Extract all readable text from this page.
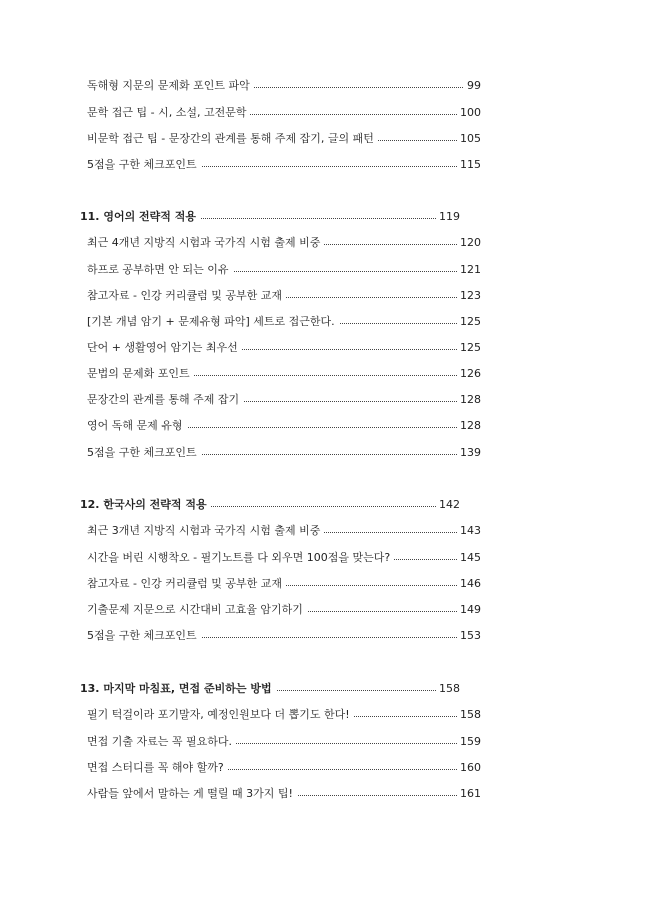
독해형 지문의 문제화 포인트 파악	99
문학 접근 팁 - 시, 소설, 고전문학	100
비문학 접근 팁 - 문장간의 관계를 통해 주제 잡기, 글의 패턴	105
5점을 구한 체크포인트	115
11. 영어의 전략적 적용	119
최근 4개년 지방직 시험과 국가직 시험 출제 비중	120
하프로 공부하면 안 되는 이유	121
참고자료 - 인강 커리큘럼 및 공부한 교재	123
[기본 개념 암기 + 문제유형 파악] 세트로 접근한다.	125
단어 + 생활영어 암기는 최우선	125
문법의 문제화 포인트	126
문장간의 관계를 통해 주제 잡기	128
영어 독해 문제 유형	128
5점을 구한 체크포인트	139
12. 한국사의 전략적 적용	142
최근 3개년 지방직 시험과 국가직 시험 출제 비중	143
시간을 버린 시행착오 - 필기노트를 다 외우면 100점을 맞는다?	145
참고자료 - 인강 커리큘럼 및 공부한 교재	146
기출문제 지문으로 시간대비 고효율 암기하기	149
5점을 구한 체크포인트	153
13. 마지막 마침표, 면접 준비하는 방법	158
필기 턱걸이라 포기말자, 예정인원보다 더 뽑기도 한다!	158
면접 기출 자료는 꼭 필요하다.	159
면접 스터디를 꼭 해야 할까?	160
사람들 앞에서 말하는 게 떨릴 때 3가지 팁!	161
